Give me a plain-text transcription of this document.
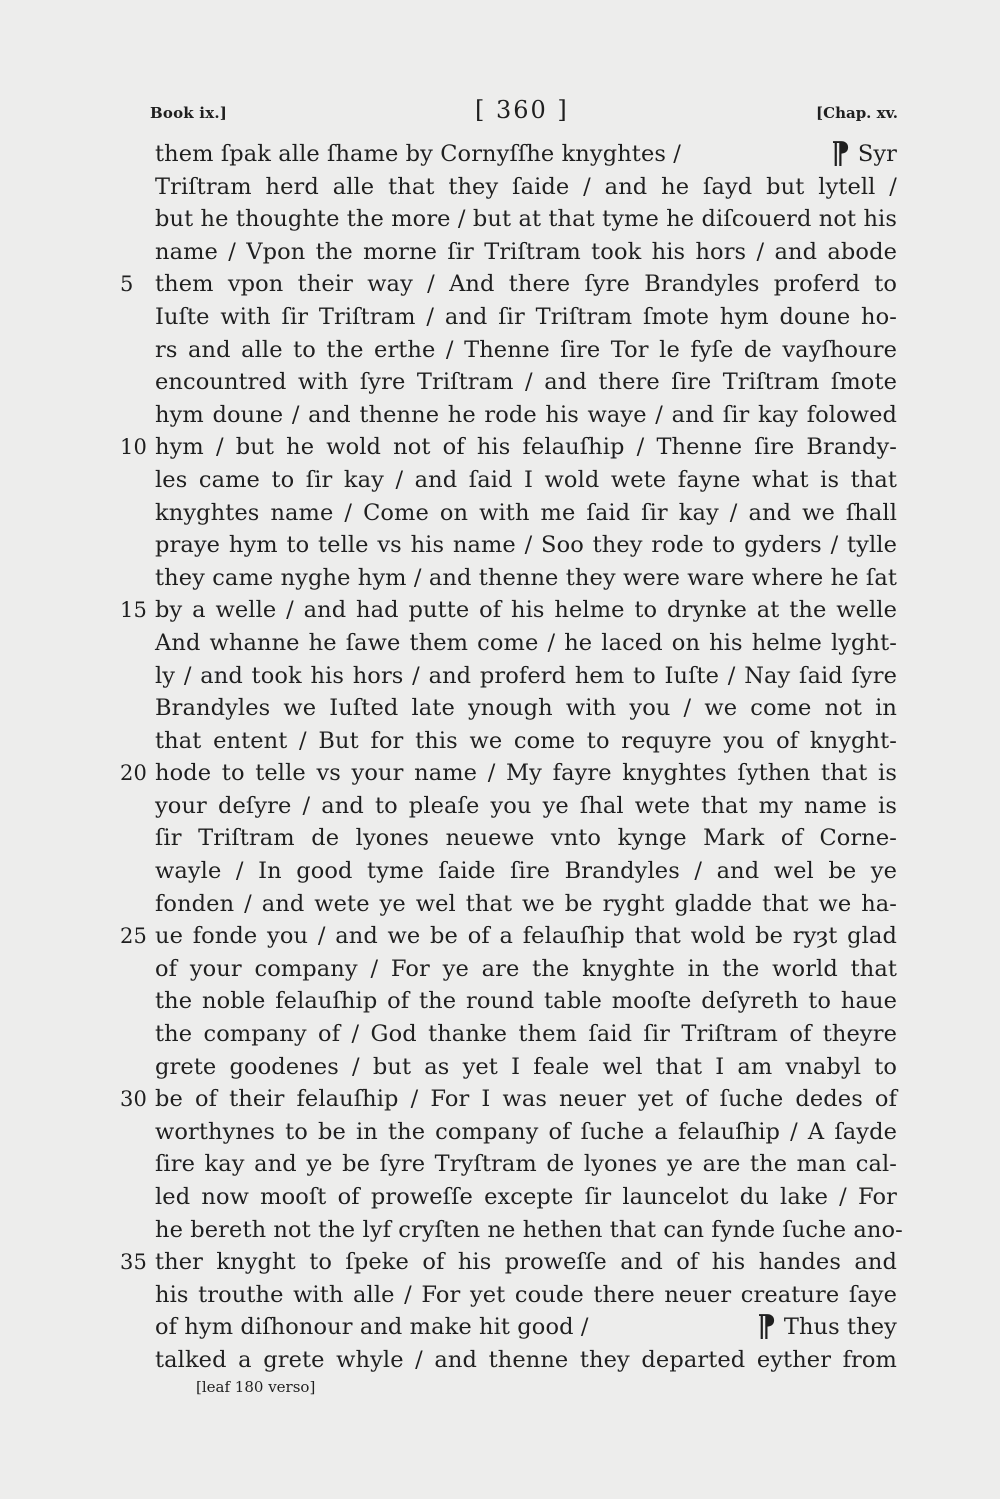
Book ix.]	[ 360 ]	[Chap. xv.
them ſpak alle ſhame by Cornyſſhe knyghtes /	¶ Syr
Triſtram herd alle that they ſaide / and he ſayd but lytell /
but he thoughte the more / but at that tyme he diſcouerd not his
name / Vpon the morne ſir Triſtram took his hors / and abode
5 them vpon their way / And there ſyre Brandyles proferd to
Iuſte with ſir Triſtram / and ſir Triſtram ſmote hym doune ho-
rs and alle to the erthe / Thenne ſire Tor le fyſe de vayſhoure
encountred with ſyre Triſtram / and there ſire Triſtram ſmote
hym doune / and thenne he rode his waye / and ſir kay folowed
10 hym / but he wold not of his felauſhip / Thenne ſire Brandy-
les came to ſir kay / and ſaid I wold wete fayne what is that
knyghtes name / Come on with me ſaid ſir kay / and we ſhall
praye hym to telle vs his name / Soo they rode to gyders / tylle
they came nyghe hym / and thenne they were ware where he ſat
15 by a welle / and had putte of his helme to drynke at the welle
And whanne he ſawe them come / he laced on his helme lyght-
ly / and took his hors / and proferd hem to Iuſte / Nay ſaid ſyre
Brandyles we Iuſted late ynough with you / we come not in
that entent / But for this we come to requyre you of knyght-
20 hode to telle vs your name / My fayre knyghtes ſythen that is
your deſyre / and to pleaſe you ye ſhal wete that my name is
ſir Triſtram de lyones neuewe vnto kynge Mark of Corne-
wayle / In good tyme ſaide ſire Brandyles / and wel be ye
fonden / and wete ye wel that we be ryght gladde that we ha-
25 ue fonde you / and we be of a felauſhip that wold be ryȝt glad
of your company / For ye are the knyghte in the world that
the noble felauſhip of the round table mooſte deſyreth to haue
the company of / God thanke them ſaid ſir Triſtram of theyre
grete goodenes / but as yet I feale wel that I am vnabyl to
30 be of their felauſhip / For I was neuer yet of ſuche dedes of
worthynes to be in the company of ſuche a felauſhip / A ſayde
ſire kay and ye be ſyre Tryſtram de lyones ye are the man cal-
led now mooſt of proweſſe excepte ſir launcelot du lake / For
he bereth not the lyf cryſten ne hethen that can fynde ſuche ano-
35 ther knyght to ſpeke of his proweſſe and of his handes and
his trouthe with alle / For yet coude there neuer creature ſaye
of hym diſhonour and make hit good /	¶ Thus they
talked a grete whyle / and thenne they departed eyther from
[leaf 180 verso]
